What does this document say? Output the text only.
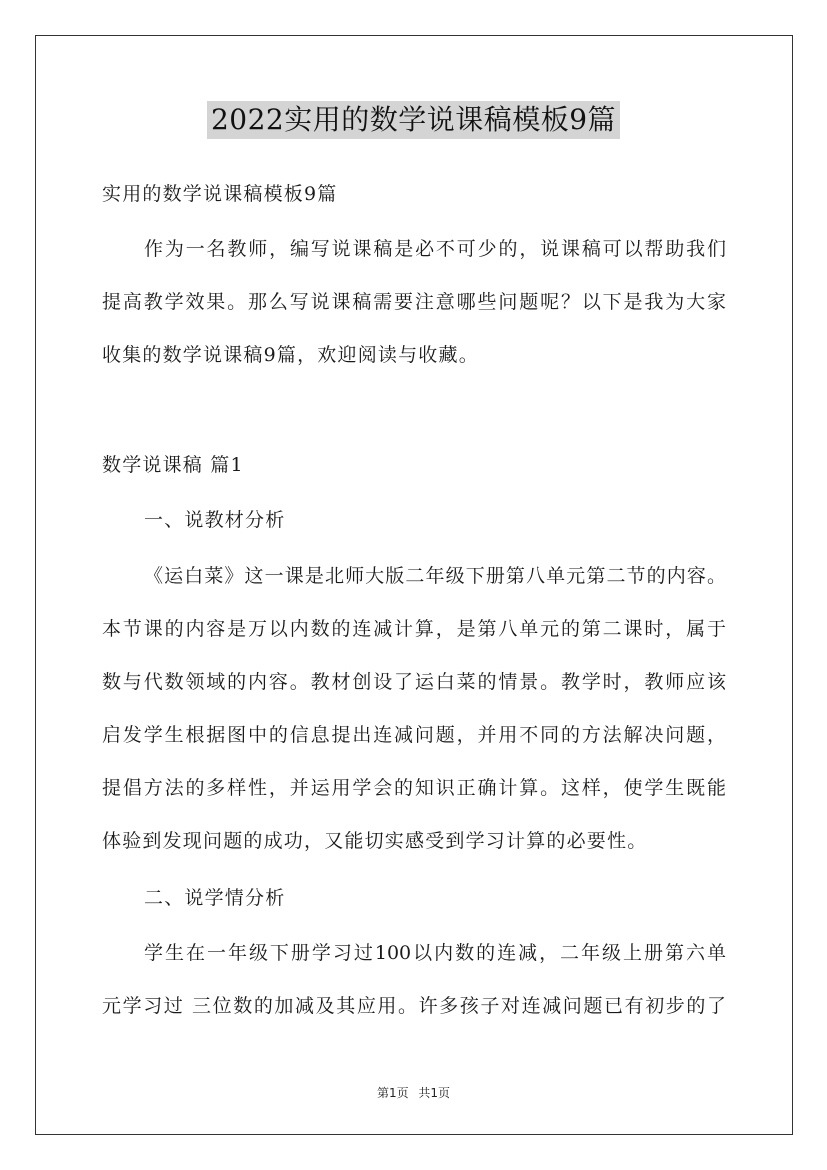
2022实用的数学说课稿模板9篇
实用的数学说课稿模板9篇
作为一名教师，编写说课稿是必不可少的，说课稿可以帮助我们
提高教学效果。那么写说课稿需要注意哪些问题呢？以下是我为大家
收集的数学说课稿9篇，欢迎阅读与收藏。
数学说课稿 篇1
一、说教材分析
《运白菜》这一课是北师大版二年级下册第八单元第二节的内容。
本节课的内容是万以内数的连减计算，是第八单元的第二课时，属于
数与代数领域的内容。教材创设了运白菜的情景。教学时，教师应该
启发学生根据图中的信息提出连减问题，并用不同的方法解决问题，
提倡方法的多样性，并运用学会的知识正确计算。这样，使学生既能
体验到发现问题的成功，又能切实感受到学习计算的必要性。
二、说学情分析
学生在一年级下册学习过100以内数的连减，二年级上册第六单
元学习过 三位数的加减及其应用。许多孩子对连减问题已有初步的了
第1页 共1页
